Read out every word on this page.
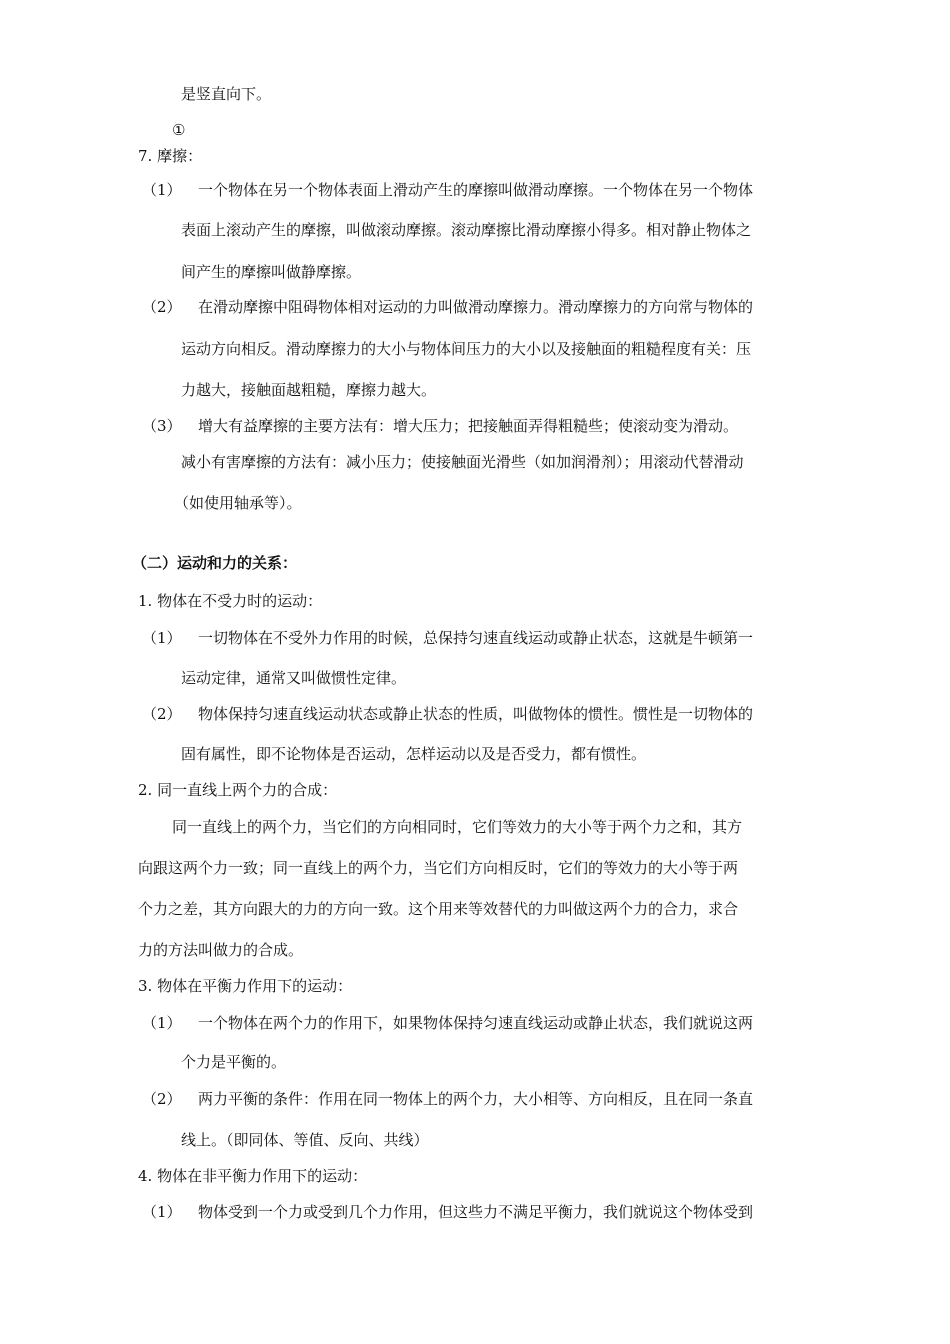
是竖直向下。
①
7. 摩擦：
（1） 一个物体在另一个物体表面上滑动产生的摩擦叫做滑动摩擦。一个物体在另一个物体
表面上滚动产生的摩擦，叫做滚动摩擦。滚动摩擦比滑动摩擦小得多。相对静止物体之
间产生的摩擦叫做静摩擦。
（2） 在滑动摩擦中阻碍物体相对运动的力叫做滑动摩擦力。滑动摩擦力的方向常与物体的
运动方向相反。滑动摩擦力的大小与物体间压力的大小以及接触面的粗糙程度有关：压
力越大，接触面越粗糙，摩擦力越大。
（3） 增大有益摩擦的主要方法有：增大压力；把接触面弄得粗糙些；使滚动变为滑动。
减小有害摩擦的方法有：减小压力；使接触面光滑些（如加润滑剂）；用滚动代替滑动
（如使用轴承等）。
（二）运动和力的关系：
1. 物体在不受力时的运动：
（1） 一切物体在不受外力作用的时候，总保持匀速直线运动或静止状态，这就是牛顿第一
运动定律，通常又叫做惯性定律。
（2） 物体保持匀速直线运动状态或静止状态的性质，叫做物体的惯性。惯性是一切物体的
固有属性，即不论物体是否运动，怎样运动以及是否受力，都有惯性。
2. 同一直线上两个力的合成：
同一直线上的两个力，当它们的方向相同时，它们等效力的大小等于两个力之和，其方
向跟这两个力一致；同一直线上的两个力，当它们方向相反时，它们的等效力的大小等于两
个力之差，其方向跟大的力的方向一致。这个用来等效替代的力叫做这两个力的合力，求合
力的方法叫做力的合成。
3. 物体在平衡力作用下的运动：
（1） 一个物体在两个力的作用下，如果物体保持匀速直线运动或静止状态，我们就说这两
个力是平衡的。
（2） 两力平衡的条件：作用在同一物体上的两个力，大小相等、方向相反，且在同一条直
线上。（即同体、等值、反向、共线）
4. 物体在非平衡力作用下的运动：
（1） 物体受到一个力或受到几个力作用，但这些力不满足平衡力，我们就说这个物体受到
